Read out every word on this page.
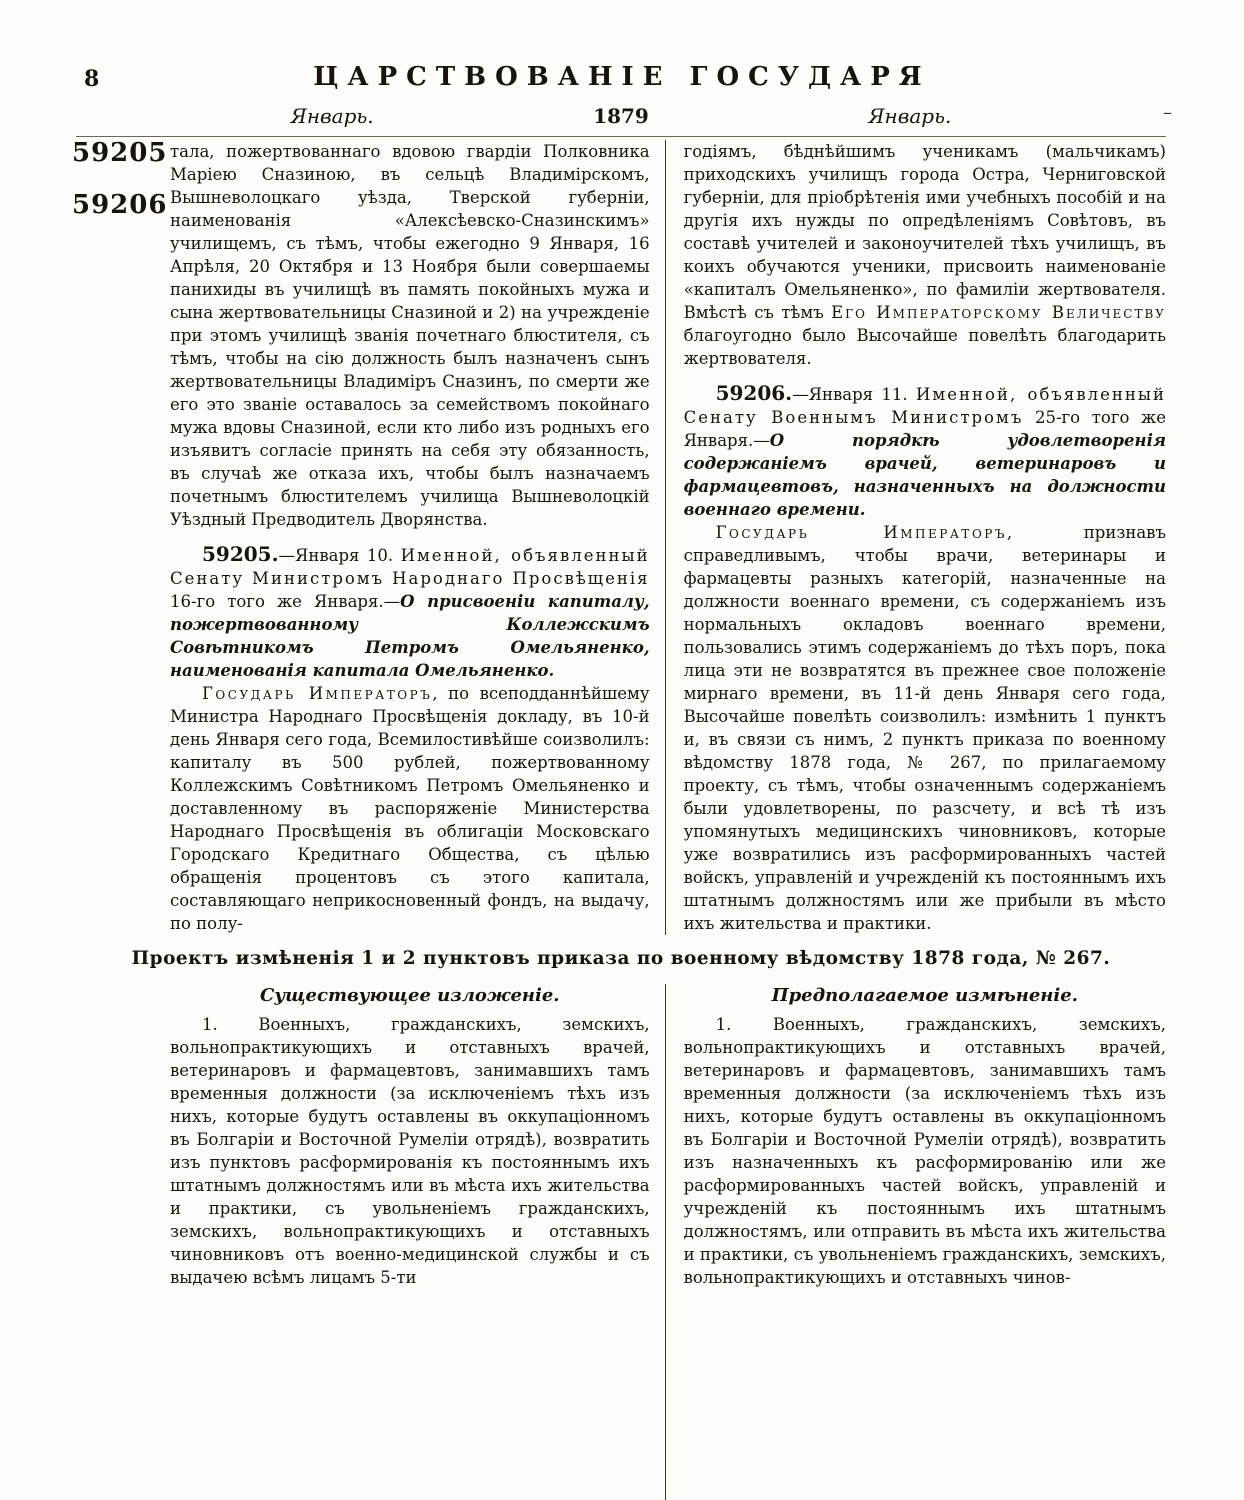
8	ЦАРСТВОВАНІЕ ГОСУДАРЯ
Январь.	1879	Январь.	–
59205
59206

тала, пожертвованнаго вдовою гвардіи Полковника Маріею Сназиною, въ сельцѣ Владимірскомъ, Вышневолоцкаго уѣзда, Тверской губерніи, наименованія «Алексѣевско-Сназинскимъ» училищемъ, съ тѣмъ, чтобы ежегодно 9 Января, 16 Апрѣля, 20 Октября и 13 Ноября были совершаемы панихиды въ училищѣ въ память покойныхъ мужа и сына жертвовательницы Сназиной и 2) на учрежденіе при этомъ училищѣ званія почетнаго блюстителя, съ тѣмъ, чтобы на сію должность былъ назначенъ сынъ жертвовательницы Владиміръ Сназинъ, по смерти же его это званіе оставалось за семействомъ покойнаго мужа вдовы Сназиной, если кто либо изъ родныхъ его изъявитъ согласіе принять на себя эту обязанность, въ случаѣ же отказа ихъ, чтобы былъ назначаемъ почетнымъ блюстителемъ училища Вышневолоцкій Уѣздный Предводитель Дворянства.

59205.—Января 10. Именной, объявленный Сенату Министромъ Народнаго Просвѣщенія 16-го того же Января.—О присвоеніи капиталу, пожертвованному Коллежскимъ Совѣтникомъ Петромъ Омельяненко, наименованія капитала Омельяненко.

Государь Императоръ, по всеподданнѣйшему Министра Народнаго Просвѣщенія докладу, въ 10-й день Января сего года, Всемилостивѣйше соизволилъ: капиталу въ 500 рублей, пожертвованному Коллежскимъ Совѣтникомъ Петромъ Омельяненко и доставленному въ распоряженіе Министерства Народнаго Просвѣщенія въ облигаціи Московскаго Городскаго Кредитнаго Общества, съ цѣлью обращенія процентовъ съ этого капитала, составляющаго неприкосновенный фондъ, на выдачу, по полу-

годіямъ, бѣднѣйшимъ ученикамъ (мальчикамъ) приходскихъ училищъ города Остра, Черниговской губерніи, для пріобрѣтенія ими учебныхъ пособій и на другія ихъ нужды по опредѣленіямъ Совѣтовъ, въ составѣ учителей и законоучителей тѣхъ училищъ, въ коихъ обучаются ученики, присвоить наименованіе «капиталъ Омельяненко», по фамиліи жертвователя. Вмѣстѣ съ тѣмъ Его Императорскому Величеству благоугодно было Высочайше повелѣть благодарить жертвователя.

59206.—Января 11. Именной, объявленный Сенату Военнымъ Министромъ 25-го того же Января.—О порядкѣ удовлетворенія содержаніемъ врачей, ветеринаровъ и фармацевтовъ, назначенныхъ на должности военнаго времени.

Государь Императоръ, признавъ справедливымъ, чтобы врачи, ветеринары и фармацевты разныхъ категорій, назначенные на должности военнаго времени, съ содержаніемъ изъ нормальныхъ окладовъ военнаго времени, пользовались этимъ содержаніемъ до тѣхъ поръ, пока лица эти не возвратятся въ прежнее свое положеніе мирнаго времени, въ 11-й день Января сего года, Высочайше повелѣть соизволилъ: измѣнить 1 пунктъ и, въ связи съ нимъ, 2 пунктъ приказа по военному вѣдомству 1878 года, № 267, по прилагаемому проекту, съ тѣмъ, чтобы означеннымъ содержаніемъ были удовлетворены, по разсчету, и всѣ тѣ изъ упомянутыхъ медицинскихъ чиновниковъ, которые уже возвратились изъ расформированныхъ частей войскъ, управленій и учрежденій къ постояннымъ ихъ штатнымъ должностямъ или же прибыли въ мѣсто ихъ жительства и практики.

Проектъ измѣненія 1 и 2 пунктовъ приказа по военному вѣдомству 1878 года, № 267.
Существующее изложеніе.

1. Военныхъ, гражданскихъ, земскихъ, вольнопрактикующихъ и отставныхъ врачей, ветеринаровъ и фармацевтовъ, занимавшихъ тамъ временныя должности (за исключеніемъ тѣхъ изъ нихъ, которые будутъ оставлены въ оккупаціонномъ въ Болгаріи и Восточной Румеліи отрядѣ), возвратить изъ пунктовъ расформированія къ постояннымъ ихъ штатнымъ должностямъ или въ мѣста ихъ жительства и практики, съ увольненіемъ гражданскихъ, земскихъ, вольнопрактикующихъ и отставныхъ чиновниковъ отъ военно-медицинской службы и съ выдачею всѣмъ лицамъ 5-ти

Предполагаемое измѣненіе.

1. Военныхъ, гражданскихъ, земскихъ, вольнопрактикующихъ и отставныхъ врачей, ветеринаровъ и фармацевтовъ, занимавшихъ тамъ временныя должности (за исключеніемъ тѣхъ изъ нихъ, которые будутъ оставлены въ оккупаціонномъ въ Болгаріи и Восточной Румеліи отрядѣ), возвратить изъ назначенныхъ къ расформированію или же расформированныхъ частей войскъ, управленій и учрежденій къ постояннымъ ихъ штатнымъ должностямъ, или отправить въ мѣста ихъ жительства и практики, съ увольненіемъ гражданскихъ, земскихъ, вольнопрактикующихъ и отставныхъ чинов-
